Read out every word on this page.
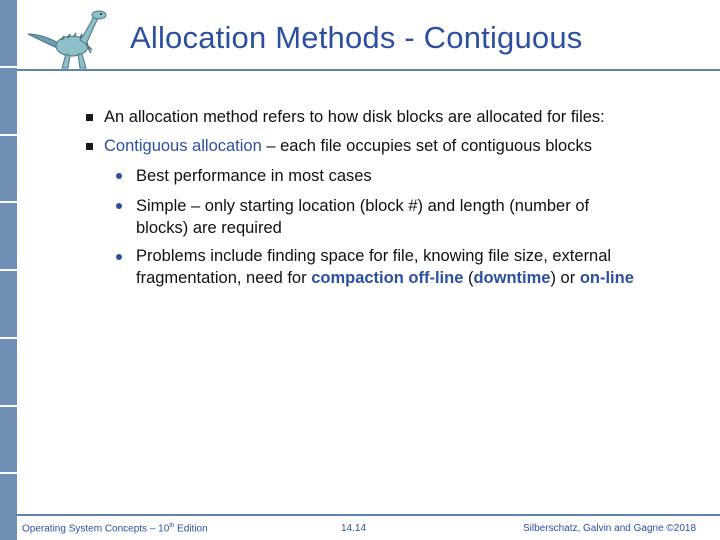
Allocation Methods - Contiguous
An allocation method refers to how disk blocks are allocated for files:
Contiguous allocation – each file occupies set of contiguous blocks
Best performance in most cases
Simple – only starting location (block #) and length (number of blocks) are required
Problems include finding space for file, knowing file size, external fragmentation, need for compaction off-line (downtime) or on-line
Operating System Concepts – 10th Edition	14.14	Silberschatz, Galvin and Gagne ©2018
